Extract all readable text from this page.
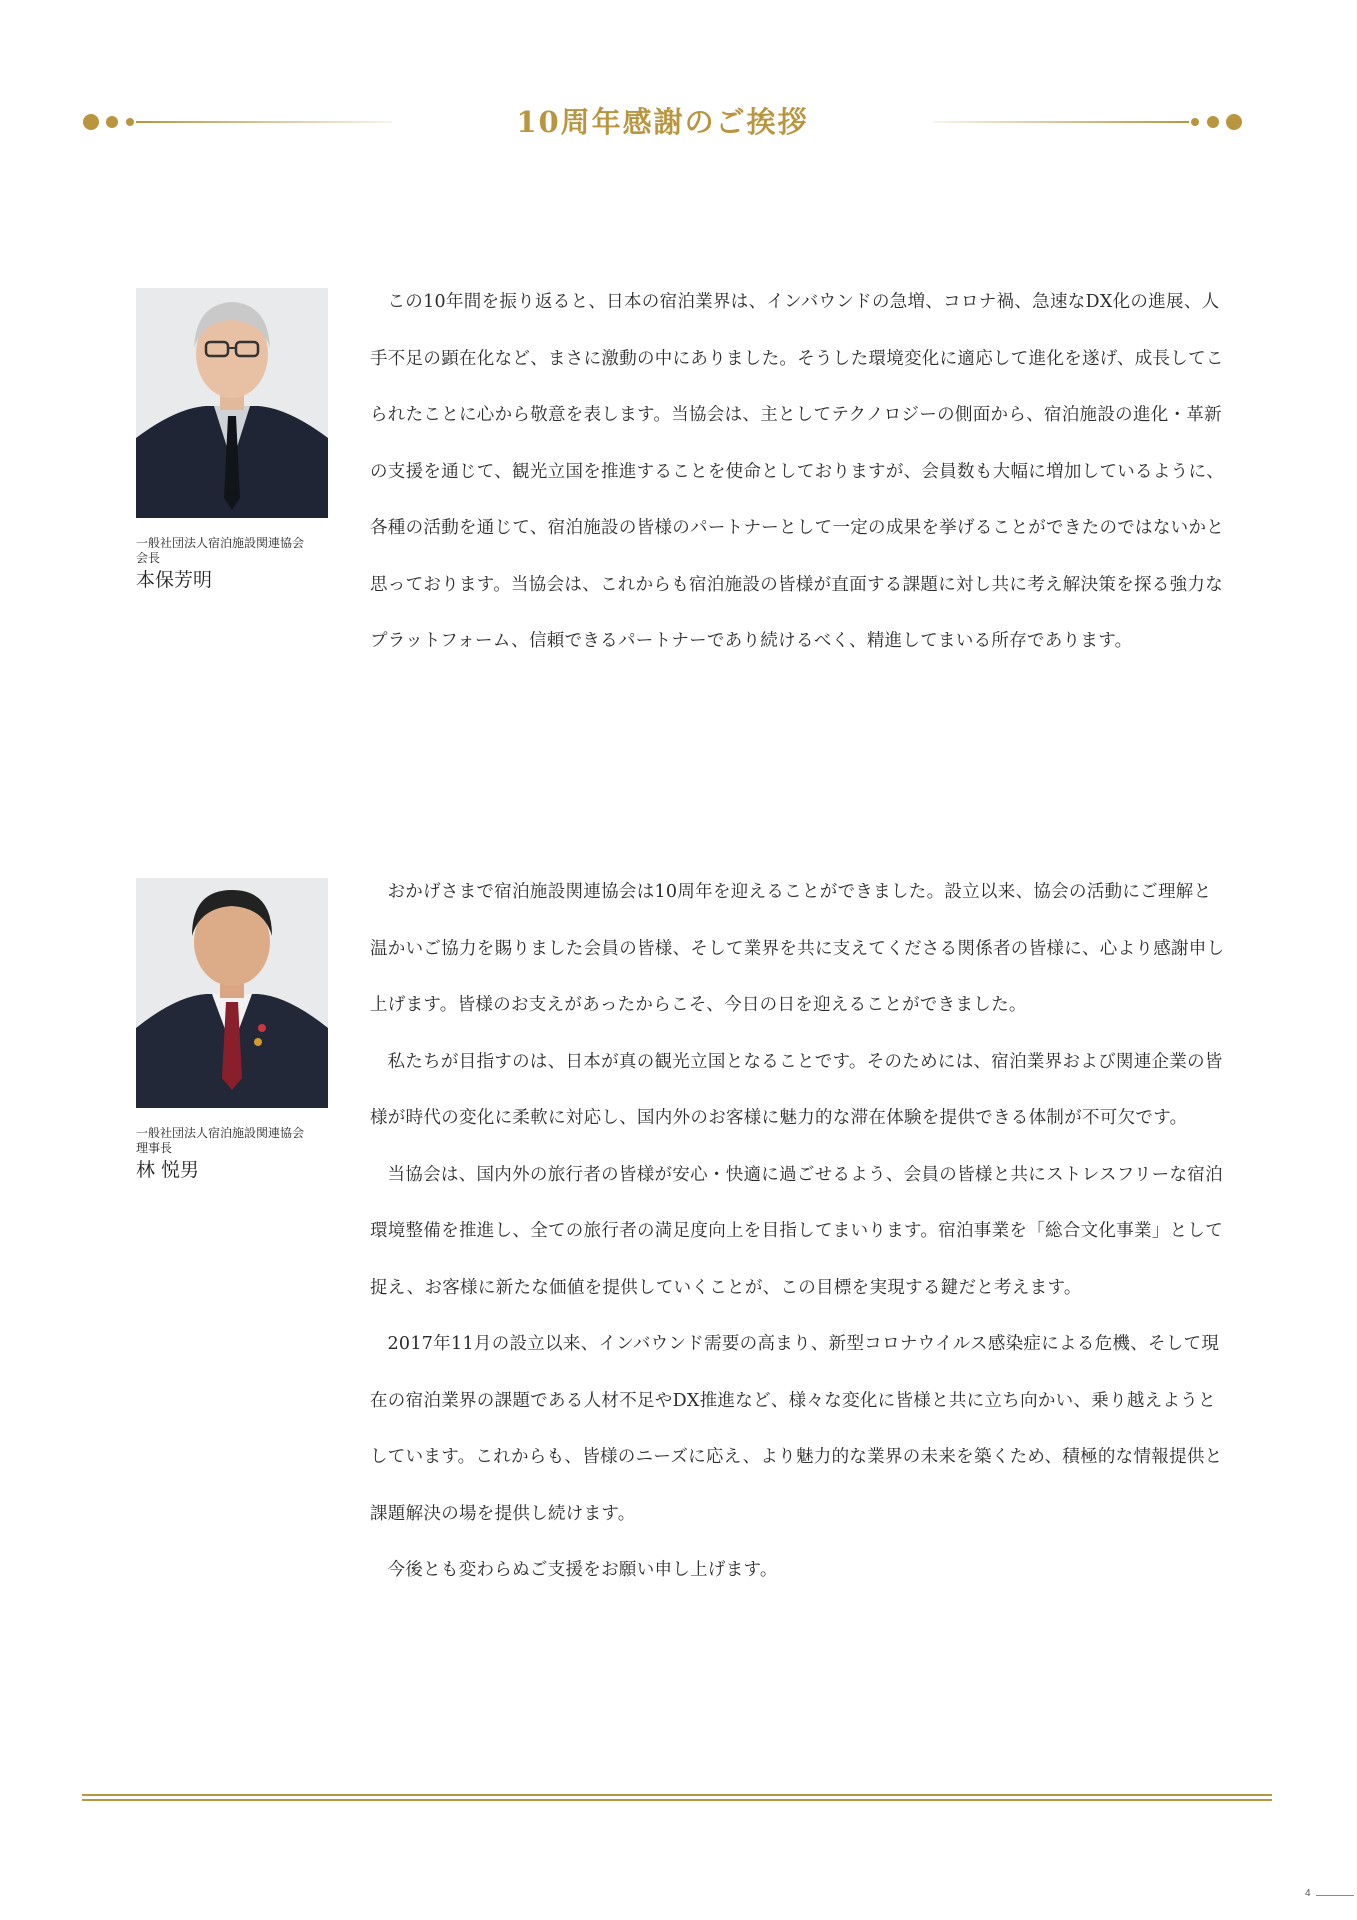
10周年感謝のご挨拶
一般社団法人宿泊施設関連協会
会長
本保芳明

この10年間を振り返ると、日本の宿泊業界は、インバウンドの急増、コロナ禍、急速なDX化の進展、人手不足の顕在化など、まさに激動の中にありました。そうした環境変化に適応して進化を遂げ、成長してこられたことに心から敬意を表します。当協会は、主としてテクノロジーの側面から、宿泊施設の進化・革新の支援を通じて、観光立国を推進することを使命としておりますが、会員数も大幅に増加しているように、各種の活動を通じて、宿泊施設の皆様のパートナーとして一定の成果を挙げることができたのではないかと思っております。当協会は、これからも宿泊施設の皆様が直面する課題に対し共に考え解決策を探る強力なプラットフォーム、信頼できるパートナーであり続けるべく、精進してまいる所存であります。

一般社団法人宿泊施設関連協会
理事長
林 悦男

おかげさまで宿泊施設関連協会は10周年を迎えることができました。設立以来、協会の活動にご理解と温かいご協力を賜りました会員の皆様、そして業界を共に支えてくださる関係者の皆様に、心より感謝申し上げます。皆様のお支えがあったからこそ、今日の日を迎えることができました。

私たちが目指すのは、日本が真の観光立国となることです。そのためには、宿泊業界および関連企業の皆様が時代の変化に柔軟に対応し、国内外のお客様に魅力的な滞在体験を提供できる体制が不可欠です。

当協会は、国内外の旅行者の皆様が安心・快適に過ごせるよう、会員の皆様と共にストレスフリーな宿泊環境整備を推進し、全ての旅行者の満足度向上を目指してまいります。宿泊事業を「総合文化事業」として捉え、お客様に新たな価値を提供していくことが、この目標を実現する鍵だと考えます。

2017年11月の設立以来、インバウンド需要の高まり、新型コロナウイルス感染症による危機、そして現在の宿泊業界の課題である人材不足やDX推進など、様々な変化に皆様と共に立ち向かい、乗り越えようとしています。これからも、皆様のニーズに応え、より魅力的な業界の未来を築くため、積極的な情報提供と課題解決の場を提供し続けます。

今後とも変わらぬご支援をお願い申し上げます。

4
